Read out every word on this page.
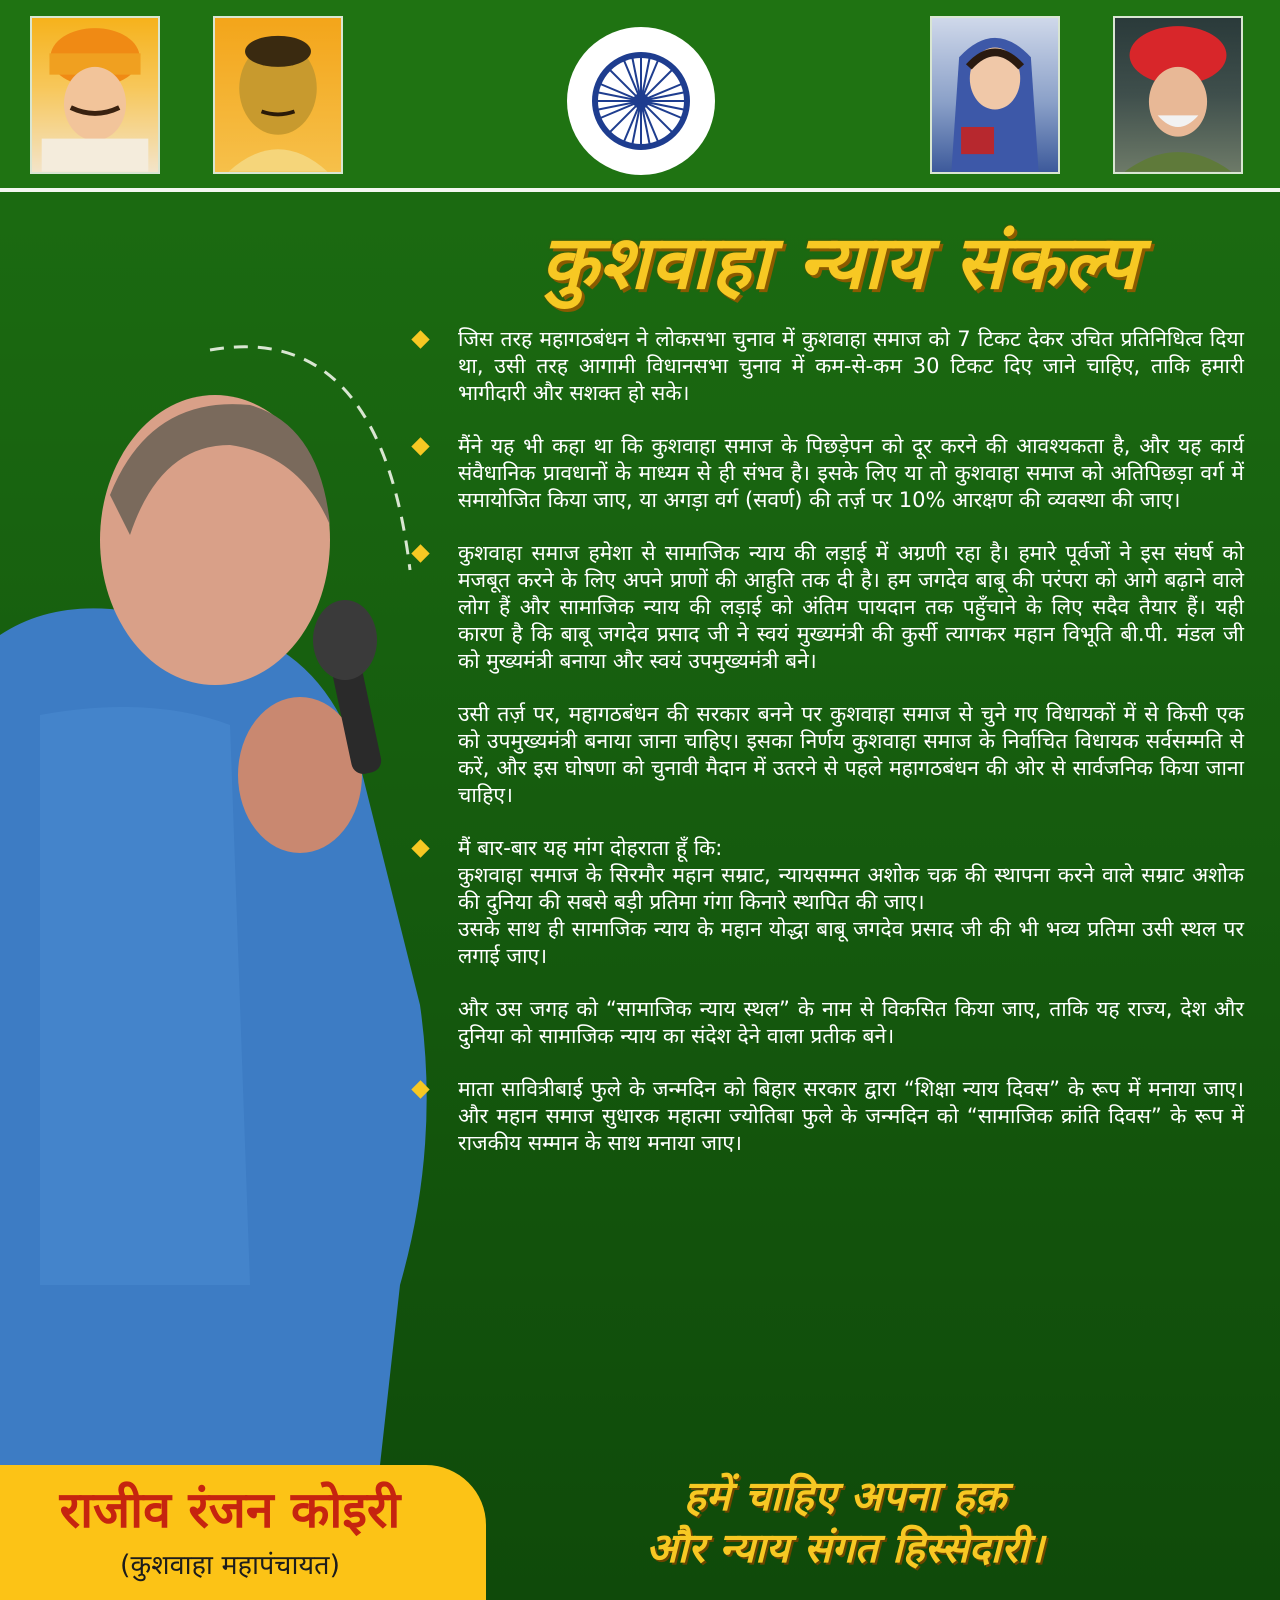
कुशवाहा न्याय संकल्प
जिस तरह महागठबंधन ने लोकसभा चुनाव में कुशवाहा समाज को 7 टिकट देकर उचित प्रतिनिधित्व दिया था, उसी तरह आगामी विधानसभा चुनाव में कम-से-कम 30 टिकट दिए जाने चाहिए, ताकि हमारी भागीदारी और सशक्त हो सके।
मैंने यह भी कहा था कि कुशवाहा समाज के पिछड़ेपन को दूर करने की आवश्यकता है, और यह कार्य संवैधानिक प्रावधानों के माध्यम से ही संभव है। इसके लिए या तो कुशवाहा समाज को अतिपिछड़ा वर्ग में समायोजित किया जाए, या अगड़ा वर्ग (सवर्ण) की तर्ज़ पर 10% आरक्षण की व्यवस्था की जाए।
कुशवाहा समाज हमेशा से सामाजिक न्याय की लड़ाई में अग्रणी रहा है। हमारे पूर्वजों ने इस संघर्ष को मजबूत करने के लिए अपने प्राणों की आहुति तक दी है। हम जगदेव बाबू की परंपरा को आगे बढ़ाने वाले लोग हैं और सामाजिक न्याय की लड़ाई को अंतिम पायदान तक पहुँचाने के लिए सदैव तैयार हैं। यही कारण है कि बाबू जगदेव प्रसाद जी ने स्वयं मुख्यमंत्री की कुर्सी त्यागकर महान विभूति बी.पी. मंडल जी को मुख्यमंत्री बनाया और स्वयं उपमुख्यमंत्री बने।
उसी तर्ज़ पर, महागठबंधन की सरकार बनने पर कुशवाहा समाज से चुने गए विधायकों में से किसी एक को उपमुख्यमंत्री बनाया जाना चाहिए। इसका निर्णय कुशवाहा समाज के निर्वाचित विधायक सर्वसम्मति से करें, और इस घोषणा को चुनावी मैदान में उतरने से पहले महागठबंधन की ओर से सार्वजनिक किया जाना चाहिए।
मैं बार-बार यह मांग दोहराता हूँ कि:
कुशवाहा समाज के सिरमौर महान सम्राट, न्यायसम्मत अशोक चक्र की स्थापना करने वाले सम्राट अशोक की दुनिया की सबसे बड़ी प्रतिमा गंगा किनारे स्थापित की जाए।
उसके साथ ही सामाजिक न्याय के महान योद्धा बाबू जगदेव प्रसाद जी की भी भव्य प्रतिमा उसी स्थल पर लगाई जाए।
और उस जगह को “सामाजिक न्याय स्थल” के नाम से विकसित किया जाए, ताकि यह राज्य, देश और दुनिया को सामाजिक न्याय का संदेश देने वाला प्रतीक बने।
माता सावित्रीबाई फुले के जन्मदिन को बिहार सरकार द्वारा “शिक्षा न्याय दिवस” के रूप में मनाया जाए। और महान समाज सुधारक महात्मा ज्योतिबा फुले के जन्मदिन को “सामाजिक क्रांति दिवस” के रूप में राजकीय सम्मान के साथ मनाया जाए।
हमें चाहिए अपना हक़
और न्याय संगत हिस्सेदारी।
राजीव रंजन कोइरी
(कुशवाहा महापंचायत)
